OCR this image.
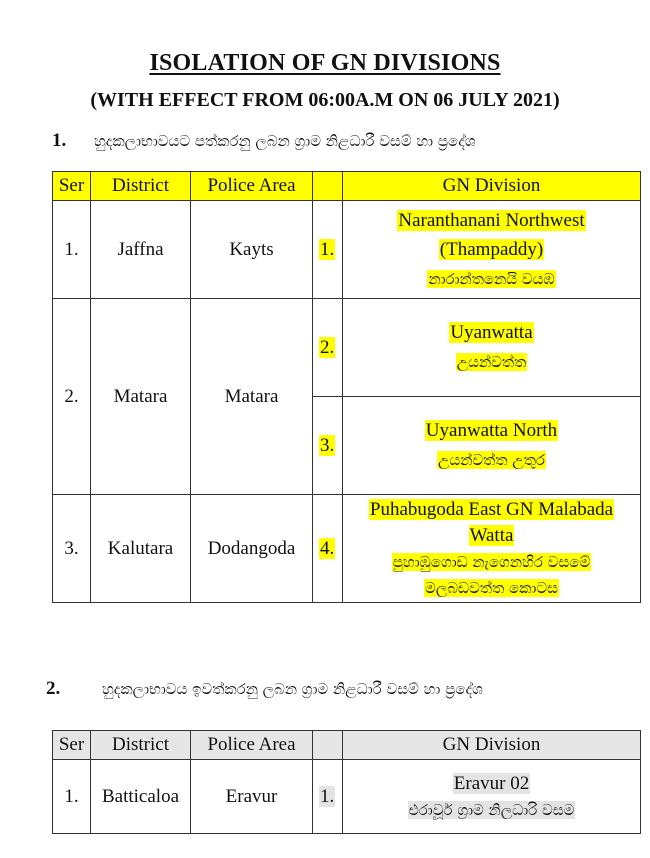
ISOLATION OF GN DIVISIONS
(WITH EFFECT FROM 06:00A.M ON 06 JULY 2021)
1.	හුදකලාභාවයට පත්කරනු ලබන ග්‍රාම නිළධාරී වසම් හා ප්‍රදේශ
Ser	District	Police Area		GN Division
1.	Jaffna	Kayts	1.	Naranthanani Northwest
(Thampaddy)
නාරාන්තනෙයි වයඹ
2.	Matara	Matara	2.	Uyanwatta
උයන්වත්ත
			3.	Uyanwatta North
උයන්වත්ත උතුර
3.	Kalutara	Dodangoda	4.	Puhabugoda East GN Malabada
Watta
පුහාඹුගොඩ නැගෙනහිර වසමේ
මලබඩවත්ත කොටස
2.	හුදකලාභාවය ඉවත්කරනු ලබන ග්‍රාම නිළධාරී වසම් හා ප්‍රදේශ
Ser	District	Police Area		GN Division
1.	Batticaloa	Eravur	1.	Eravur 02
එරාවූර් ග්‍රාම නිලධාරි වසම
